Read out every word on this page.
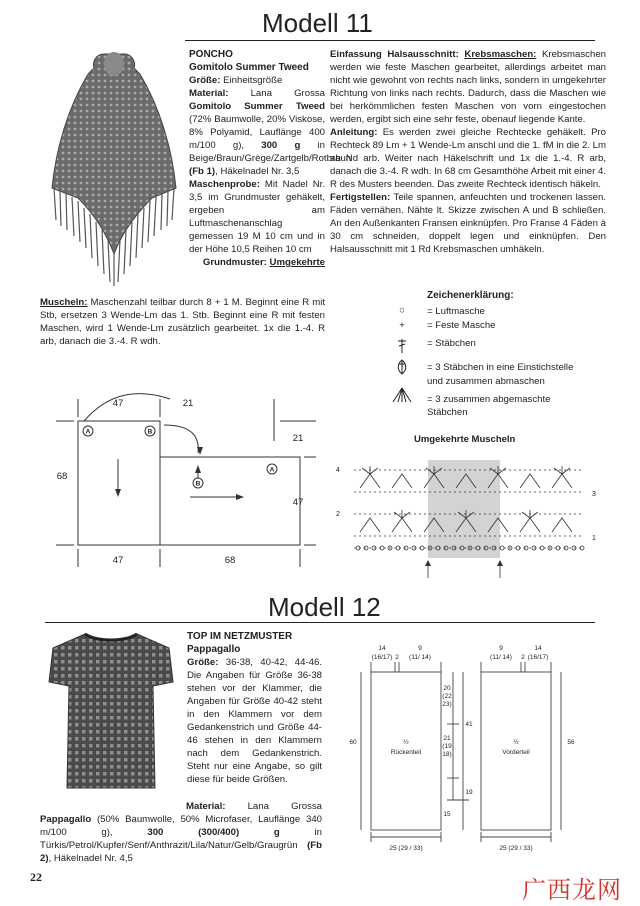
Modell 11
PONCHO
Gomitolo Summer Tweed
Größe: Einheitsgröße
Material: Lana Grossa Gomitolo Summer Tweed (72% Baumwolle, 20% Viskose, 8% Polyamid, Lauflänge 400 m/100 g), 300 g in Beige/Braun/Grège/Zartgelb/Rotbraun (Fb 1), Häkelnadel Nr. 3,5
Maschenprobe: Mit Nadel Nr. 3,5 im Grundmuster gehäkelt, ergeben am Luftmaschenanschlag gemessen 19 M 10 cm und in der Höhe 10,5 Reihen 10 cm
Grundmuster: Umgekehrte
Muscheln: Maschenzahl teilbar durch 8 + 1 M. Beginnt eine R mit Stb, ersetzen 3 Wende-Lm das 1. Stb. Beginnt eine R mit festen Maschen, wird 1 Wende-Lm zusätzlich gearbeitet. 1x die 1.-4. R arb, danach die 3.-4. R wdh.
Einfassung Halsausschnitt: Krebsmaschen: Krebsmaschen werden wie feste Maschen gearbeitet, allerdings arbeitet man nicht wie gewohnt von rechts nach links, sondern in umgekehrter Richtung von links nach rechts. Dadurch, dass die Maschen wie bei herkömmlichen festen Maschen von vorn eingestochen werden, ergibt sich eine sehr feste, obenauf liegende Kante.
Anleitung: Es werden zwei gleiche Rechtecke gehäkelt. Pro Rechteck 89 Lm + 1 Wende-Lm anschl und die 1. fM in die 2. Lm ab Nd arb. Weiter nach Häkelschrift und 1x die 1.-4. R arb, danach die 3.-4. R wdh. In 68 cm Gesamthöhe Arbeit mit einer 4. R des Musters beenden. Das zweite Rechteck identisch häkeln.
Fertigstellen: Teile spannen, anfeuchten und trockenen lassen. Fäden vernähen. Nähte lt. Skizze zwischen A und B schließen. An den Außenkanten Fransen einknüpfen. Pro Franse 4 Fäden à 30 cm schneiden, doppelt legen und einknüpfen. Den Halsausschnitt mit 1 Rd Krebsmaschen umhäkeln.
Zeichenerklärung:
○	= Luftmasche
+	= Feste Masche
= Stäbchen
= 3 Stäbchen in eine Einstichstelle
und zusammen abmaschen
= 3 zusammen abgemaschte
Stäbchen
47	21
21
68
47
47	68
A	B
A
B
Umgekehrte Muscheln
4
2
3
1
Modell 12
TOP IM NETZMUSTER
Pappagallo
Größe: 36-38, 40-42, 44-46. Die Angaben für Größe 36-38 stehen vor der Klammer, die Angaben für Größe 40-42 steht in den Klammern vor dem Gedankenstrich und Größe 44-46 stehen in den Klammern nach dem Gedankenstrich. Steht nur eine Angabe, so gilt diese für beide Größen.
Material: Lana Grossa Pappagallo (50% Baumwolle, 50% Microfaser, Lauflänge 340 m/100 g),	300 (300/400) g	in Türkis/Petrol/Kupfer/Senf/Anthrazit/Lila/Natur/Gelb/Graugrün (Fb 2), Häkelnadel Nr. 4,5
14
(16/17) 2
9
(11/ 14)
½
Rückenteil
60
25 (29 / 33)
9
(11/ 14) 2
14
(16/17)
½
Vorderteil
56
25 (29 / 33)
20
(22
23)
41
21
(19
18)
19
15
22	广西龙网
